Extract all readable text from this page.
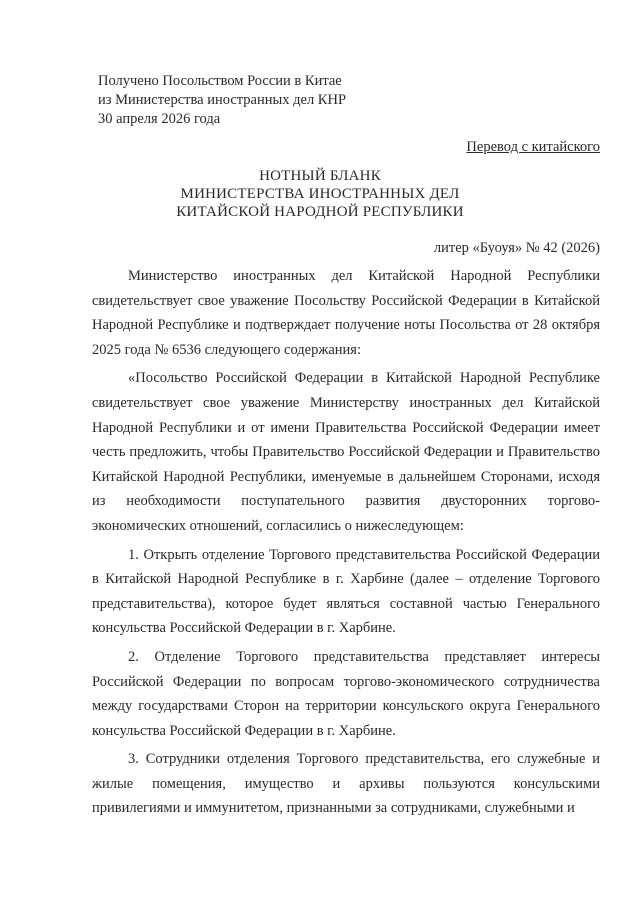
Получено Посольством России в Китае
из Министерства иностранных дел КНР
30 апреля 2026 года
Перевод с китайского
НОТНЫЙ БЛАНК
МИНИСТЕРСТВА ИНОСТРАННЫХ ДЕЛ
КИТАЙСКОЙ НАРОДНОЙ РЕСПУБЛИКИ
литер «Буоуя» № 42 (2026)

Министерство иностранных дел Китайской Народной Республики свидетельствует свое уважение Посольству Российской Федерации в Китайской Народной Республике и подтверждает получение ноты Посольства от 28 октября 2025 года № 6536 следующего содержания:

«Посольство Российской Федерации в Китайской Народной Республике свидетельствует свое уважение Министерству иностранных дел Китайской Народной Республики и от имени Правительства Российской Федерации имеет честь предложить, чтобы Правительство Российской Федерации и Правительство Китайской Народной Республики, именуемые в дальнейшем Сторонами, исходя из необходимости поступательного развития двусторонних торгово-экономических отношений, согласились о нижеследующем:

1. Открыть отделение Торгового представительства Российской Федерации в Китайской Народной Республике в г. Харбине (далее – отделение Торгового представительства), которое будет являться составной частью Генерального консульства Российской Федерации в г. Харбине.

2. Отделение Торгового представительства представляет интересы Российской Федерации по вопросам торгово-экономического сотрудничества между государствами Сторон на территории консульского округа Генерального консульства Российской Федерации в г. Харбине.

3. Сотрудники отделения Торгового представительства, его служебные и жилые помещения, имущество и архивы пользуются консульскими привилегиями и иммунитетом, признанными за сотрудниками, служебными и
